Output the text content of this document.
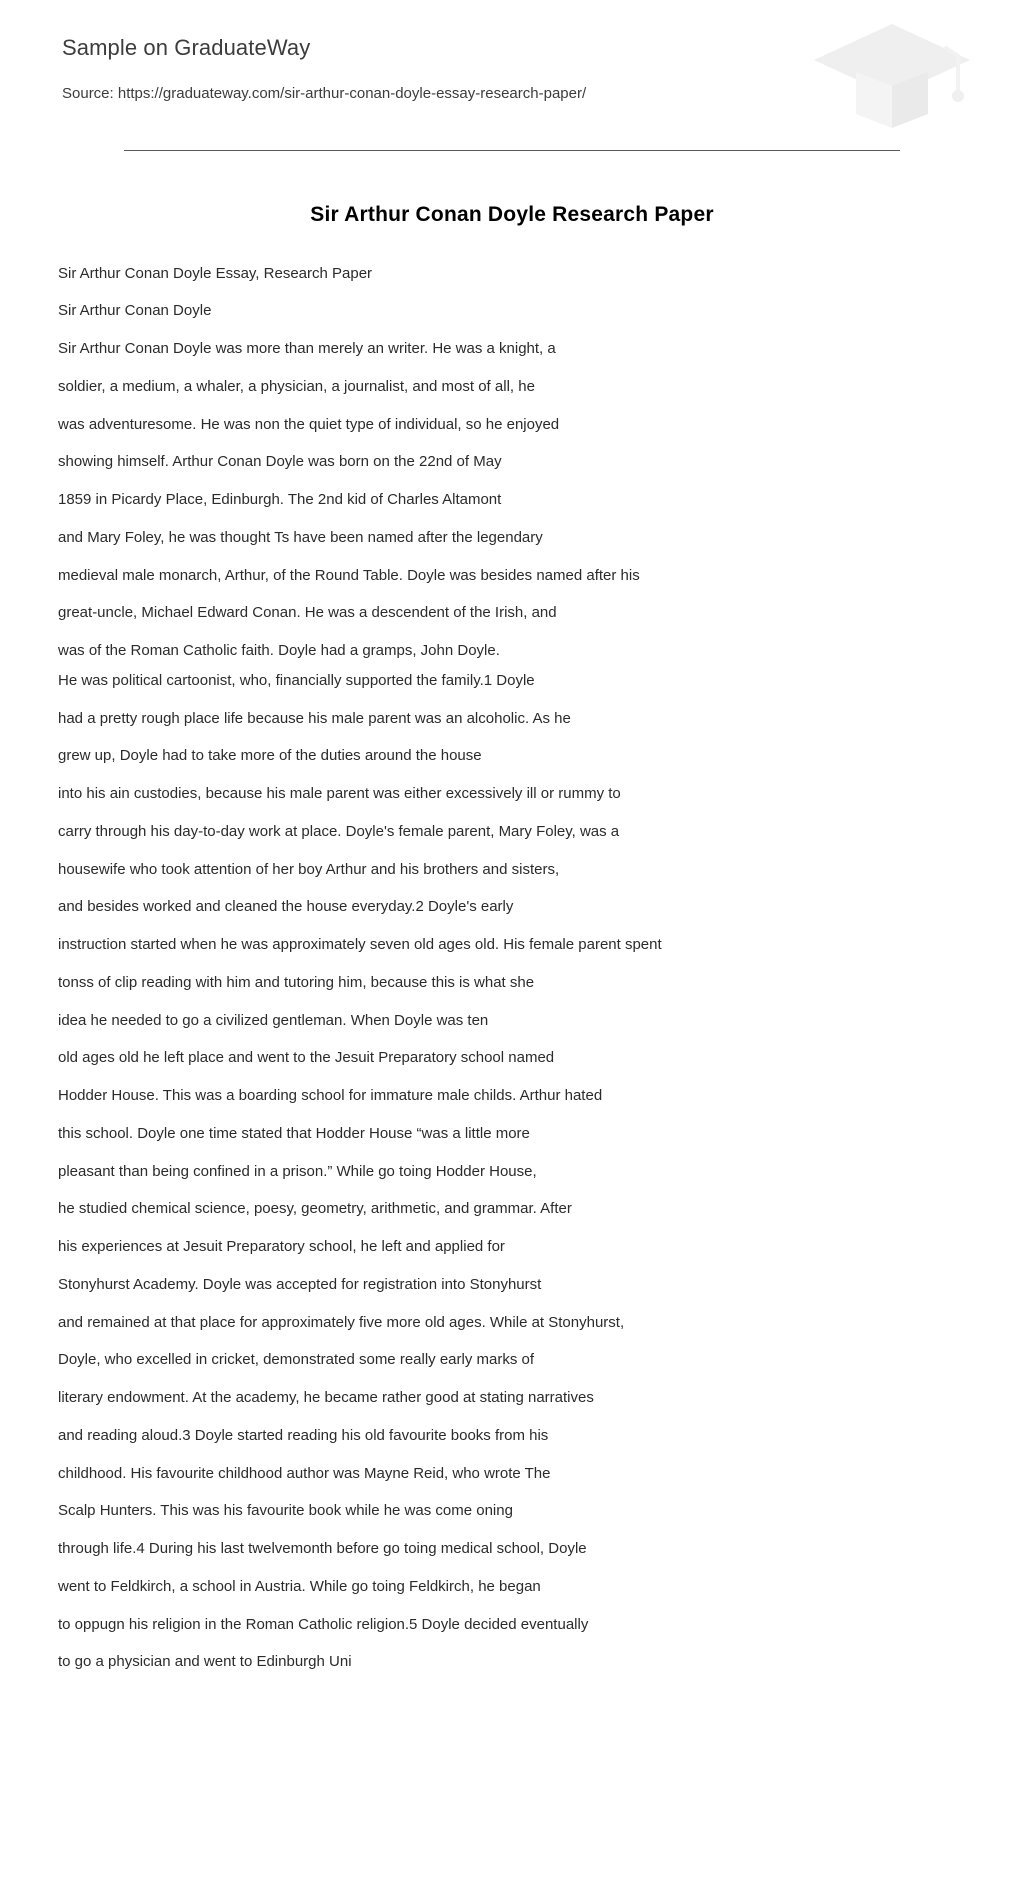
Sample on GraduateWay
Source: https://graduateway.com/sir-arthur-conan-doyle-essay-research-paper/
Sir Arthur Conan Doyle Research Paper

Sir Arthur Conan Doyle Essay, Research Paper

Sir Arthur Conan Doyle

Sir Arthur Conan Doyle was more than merely an writer. He was a knight, a

soldier, a medium, a whaler, a physician, a journalist, and most of all, he

was adventuresome. He was non the quiet type of individual, so he enjoyed

showing himself. Arthur Conan Doyle was born on the 22nd of May

1859 in Picardy Place, Edinburgh. The 2nd kid of Charles Altamont

and Mary Foley, he was thought Ts have been named after the legendary

medieval male monarch, Arthur, of the Round Table. Doyle was besides named after his

great-uncle, Michael Edward Conan. He was a descendent of the Irish, and

was of the Roman Catholic faith. Doyle had a gramps, John Doyle.

He was political cartoonist, who, financially supported the family.1 Doyle

had a pretty rough place life because his male parent was an alcoholic. As he

grew up, Doyle had to take more of the duties around the house

into his ain custodies, because his male parent was either excessively ill or rummy to

carry through his day-to-day work at place. Doyle's female parent, Mary Foley, was a

housewife who took attention of her boy Arthur and his brothers and sisters,

and besides worked and cleaned the house everyday.2 Doyle's early

instruction started when he was approximately seven old ages old. His female parent spent

tonss of clip reading with him and tutoring him, because this is what she

idea he needed to go a civilized gentleman. When Doyle was ten

old ages old he left place and went to the Jesuit Preparatory school named

Hodder House. This was a boarding school for immature male childs. Arthur hated

this school. Doyle one time stated that Hodder House “was a little more

pleasant than being confined in a prison.” While go toing Hodder House,

he studied chemical science, poesy, geometry, arithmetic, and grammar. After

his experiences at Jesuit Preparatory school, he left and applied for

Stonyhurst Academy. Doyle was accepted for registration into Stonyhurst

and remained at that place for approximately five more old ages. While at Stonyhurst,

Doyle, who excelled in cricket, demonstrated some really early marks of

literary endowment. At the academy, he became rather good at stating narratives

and reading aloud.3 Doyle started reading his old favourite books from his

childhood. His favourite childhood author was Mayne Reid, who wrote The

Scalp Hunters. This was his favourite book while he was come oning

through life.4 During his last twelvemonth before go toing medical school, Doyle

went to Feldkirch, a school in Austria. While go toing Feldkirch, he began

to oppugn his religion in the Roman Catholic religion.5 Doyle decided eventually

to go a physician and went to Edinburgh Uni
